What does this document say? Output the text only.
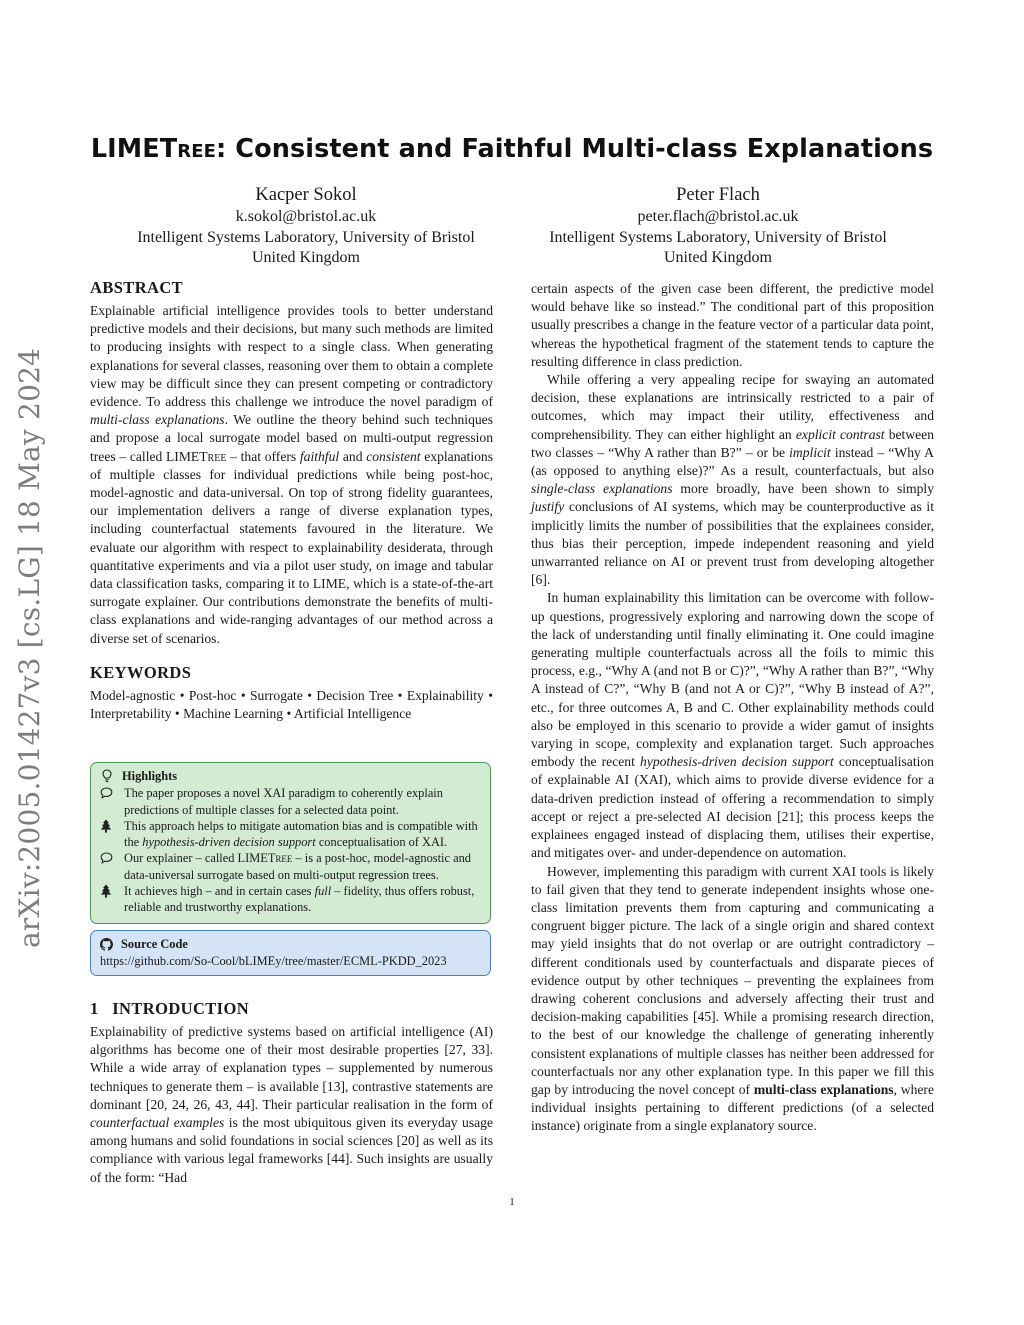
arXiv:2005.01427v3 [cs.LG] 18 May 2024
LIMETree: Consistent and Faithful Multi-class Explanations
Kacper Sokol
k.sokol@bristol.ac.uk
Intelligent Systems Laboratory, University of Bristol
United Kingdom
Peter Flach
peter.flach@bristol.ac.uk
Intelligent Systems Laboratory, University of Bristol
United Kingdom
ABSTRACT

Explainable artificial intelligence provides tools to better understand predictive models and their decisions, but many such methods are limited to producing insights with respect to a single class. When generating explanations for several classes, reasoning over them to obtain a complete view may be difficult since they can present competing or contradictory evidence. To address this challenge we introduce the novel paradigm of multi-class explanations. We outline the theory behind such techniques and propose a local surrogate model based on multi-output regression trees – called LIMETree – that offers faithful and consistent explanations of multiple classes for individual predictions while being post-hoc, model-agnostic and data-universal. On top of strong fidelity guarantees, our implementation delivers a range of diverse explanation types, including counterfactual statements favoured in the literature. We evaluate our algorithm with respect to explainability desiderata, through quantitative experiments and via a pilot user study, on image and tabular data classification tasks, comparing it to LIME, which is a state-of-the-art surrogate explainer. Our contributions demonstrate the benefits of multi-class explanations and wide-ranging advantages of our method across a diverse set of scenarios.

KEYWORDS

Model-agnostic • Post-hoc • Surrogate • Decision Tree • Explainability • Interpretability • Machine Learning • Artificial Intelligence

Highlights
The paper proposes a novel XAI paradigm to coherently explain predictions of multiple classes for a selected data point.
This approach helps to mitigate automation bias and is compatible with the hypothesis-driven decision support conceptualisation of XAI.
Our explainer – called LIMETree – is a post-hoc, model-agnostic and data-universal surrogate based on multi-output regression trees.
It achieves high – and in certain cases full – fidelity, thus offers robust, reliable and trustworthy explanations.
Source Code
https://github.com/So-Cool/bLIMEy/tree/master/ECML-PKDD_2023
1   INTRODUCTION

Explainability of predictive systems based on artificial intelligence (AI) algorithms has become one of their most desirable properties [27, 33]. While a wide array of explanation types – supplemented by numerous techniques to generate them – is available [13], contrastive statements are dominant [20, 24, 26, 43, 44]. Their particular realisation in the form of counterfactual examples is the most ubiquitous given its everyday usage among humans and solid foundations in social sciences [20] as well as its compliance with various legal frameworks [44]. Such insights are usually of the form: “Had

certain aspects of the given case been different, the predictive model would behave like so instead.” The conditional part of this proposition usually prescribes a change in the feature vector of a particular data point, whereas the hypothetical fragment of the statement tends to capture the resulting difference in class prediction.

While offering a very appealing recipe for swaying an automated decision, these explanations are intrinsically restricted to a pair of outcomes, which may impact their utility, effectiveness and comprehensibility. They can either highlight an explicit contrast between two classes – “Why A rather than B?” – or be implicit instead – “Why A (as opposed to anything else)?” As a result, counterfactuals, but also single-class explanations more broadly, have been shown to simply justify conclusions of AI systems, which may be counterproductive as it implicitly limits the number of possibilities that the explainees consider, thus bias their perception, impede independent reasoning and yield unwarranted reliance on AI or prevent trust from developing altogether [6].

In human explainability this limitation can be overcome with follow-up questions, progressively exploring and narrowing down the scope of the lack of understanding until finally eliminating it. One could imagine generating multiple counterfactuals across all the foils to mimic this process, e.g., “Why A (and not B or C)?”, “Why A rather than B?”, “Why A instead of C?”, “Why B (and not A or C)?”, “Why B instead of A?”, etc., for three outcomes A, B and C. Other explainability methods could also be employed in this scenario to provide a wider gamut of insights varying in scope, complexity and explanation target. Such approaches embody the recent hypothesis-driven decision support conceptualisation of explainable AI (XAI), which aims to provide diverse evidence for a data-driven prediction instead of offering a recommendation to simply accept or reject a pre-selected AI decision [21]; this process keeps the explainees engaged instead of displacing them, utilises their expertise, and mitigates over- and under-dependence on automation.

However, implementing this paradigm with current XAI tools is likely to fail given that they tend to generate independent insights whose one-class limitation prevents them from capturing and communicating a congruent bigger picture. The lack of a single origin and shared context may yield insights that do not overlap or are outright contradictory – different conditionals used by counterfactuals and disparate pieces of evidence output by other techniques – preventing the explainees from drawing coherent conclusions and adversely affecting their trust and decision-making capabilities [45]. While a promising research direction, to the best of our knowledge the challenge of generating inherently consistent explanations of multiple classes has neither been addressed for counterfactuals nor any other explanation type. In this paper we fill this gap by introducing the novel concept of multi-class explanations, where individual insights pertaining to different predictions (of a selected instance) originate from a single explanatory source.

1
